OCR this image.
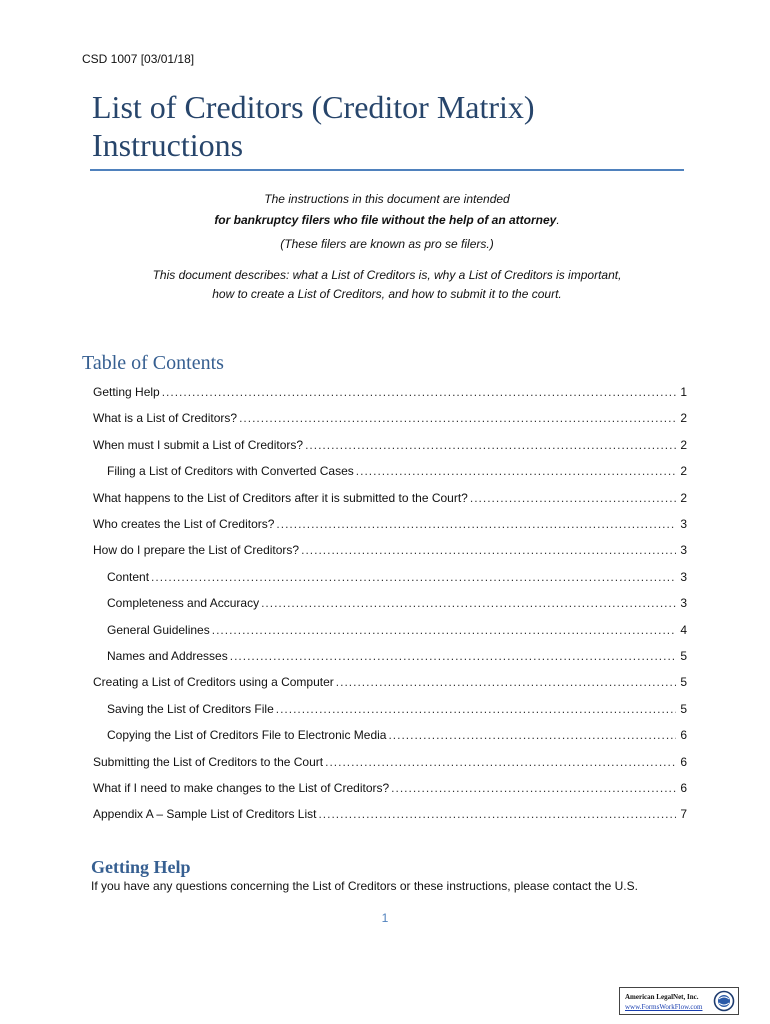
CSD 1007 [03/01/18]
List of Creditors (Creditor Matrix)
Instructions
The instructions in this document are intended
for bankruptcy filers who file without the help of an attorney.
(These filers are known as pro se filers.)
This document describes: what a List of Creditors is, why a List of Creditors is important,
how to create a List of Creditors, and how to submit it to the court.
Table of Contents
Getting Help .....	1
What is a List of Creditors? .....	2
When must I submit a List of Creditors? .....	2
Filing a List of Creditors with Converted Cases .....	2
What happens to the List of Creditors after it is submitted to the Court? .....	2
Who creates the List of Creditors? .....	3
How do I prepare the List of Creditors? .....	3
Content .....	3
Completeness and Accuracy .....	3
General Guidelines .....	4
Names and Addresses .....	5
Creating a List of Creditors using a Computer .....	5
Saving the List of Creditors File .....	5
Copying the List of Creditors File to Electronic Media .....	6
Submitting the List of Creditors to the Court .....	6
What if I need to make changes to the List of Creditors? .....	6
Appendix A – Sample List of Creditors List .....	7
Getting Help
If you have any questions concerning the List of Creditors or these instructions, please contact the U.S.
1
American LegalNet, Inc.
www.FormsWorkFlow.com
